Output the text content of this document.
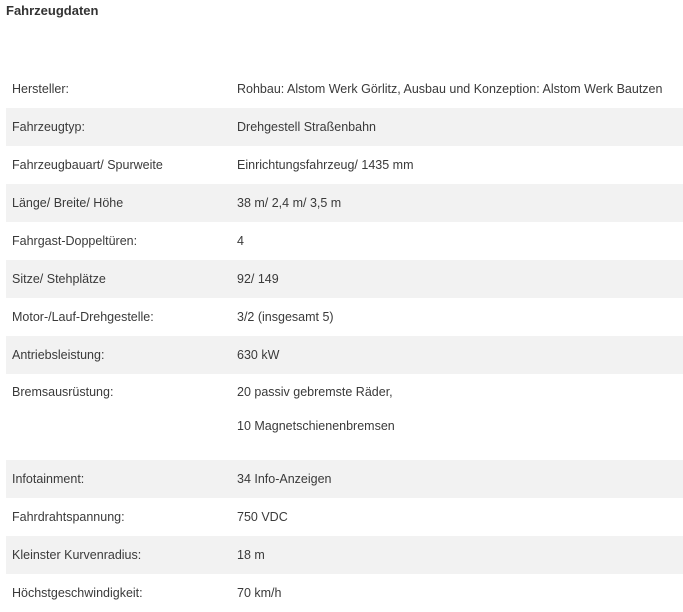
Fahrzeugdaten
Hersteller:	Rohbau: Alstom Werk Görlitz, Ausbau und Konzeption: Alstom Werk Bautzen
Fahrzeugtyp:	Drehgestell Straßenbahn
Fahrzeugbauart/ Spurweite	Einrichtungsfahrzeug/ 1435 mm
Länge/ Breite/ Höhe	38 m/ 2,4 m/ 3,5 m
Fahrgast-Doppeltüren:	4
Sitze/ Stehplätze	92/ 149
Motor-/Lauf-Drehgestelle:	3/2 (insgesamt 5)
Antriebsleistung:	630 kW
Bremsausrüstung:	20 passiv gebremste Räder,
10 Magnetschienenbremsen
Infotainment:	34 Info-Anzeigen
Fahrdrahtspannung:	750 VDC
Kleinster Kurvenradius:	18 m
Höchstgeschwindigkeit:	70 km/h
